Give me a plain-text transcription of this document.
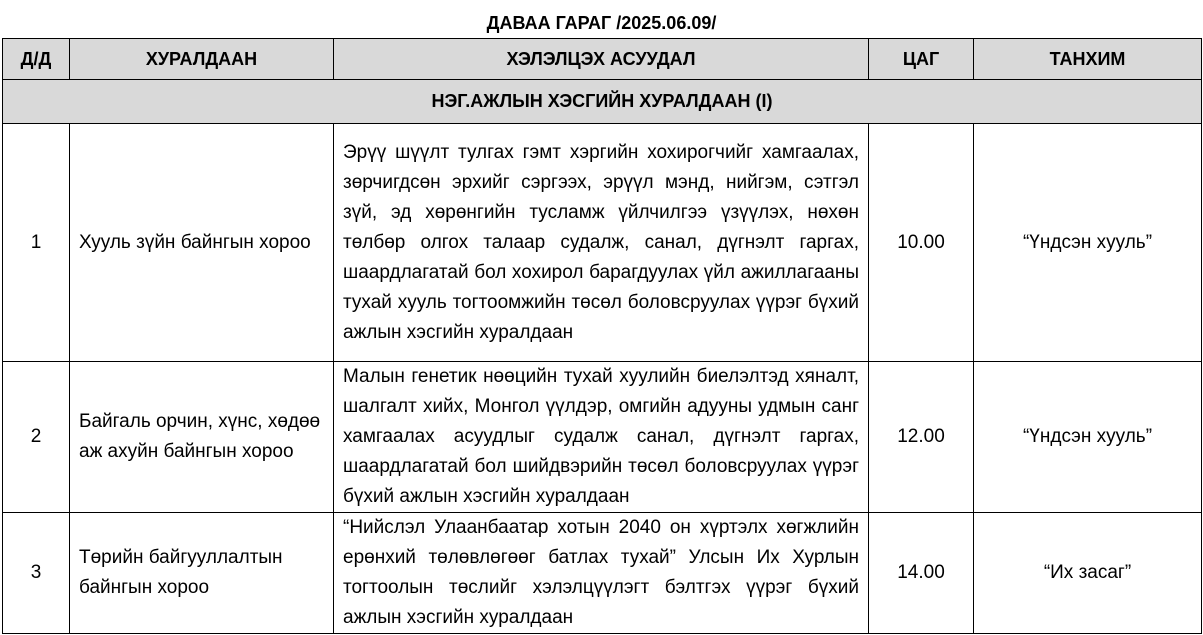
ДАВАА ГАРАГ /2025.06.09/
Д/Д	ХУРАЛДААН	ХЭЛЭЛЦЭХ АСУУДАЛ	ЦАГ	ТАНХИМ
НЭГ.АЖЛЫН ХЭСГИЙН ХУРАЛДААН (I)				
1	Хууль зүйн байнгын хороо	Эрүү шүүлт тулгах гэмт хэргийн хохирогчийг хамгаалах, зөрчигдсөн эрхийг сэргээх, эрүүл мэнд, нийгэм, сэтгэл зүй, эд хөрөнгийн тусламж үйлчилгээ үзүүлэх, нөхөн төлбөр олгох талаар судалж, санал, дүгнэлт гаргах, шаардлагатай бол хохирол барагдуулах үйл ажиллагааны тухай хууль тогтоомжийн төсөл боловсруулах үүрэг бүхий ажлын хэсгийн хуралдаан	10.00	“Үндсэн хууль”
2	Байгаль орчин, хүнс, хөдөө аж ахуйн байнгын хороо	Малын генетик нөөцийн тухай хуулийн биелэлтэд хяналт, шалгалт хийх, Монгол үүлдэр, омгийн адууны удмын санг хамгаалах асуудлыг судалж санал, дүгнэлт гаргах, шаардлагатай бол шийдвэрийн төсөл боловсруулах үүрэг бүхий ажлын хэсгийн хуралдаан	12.00	“Үндсэн хууль”
3	Төрийн байгууллалтын байнгын хороо	“Нийслэл Улаанбаатар хотын 2040 он хүртэлх хөгжлийн ерөнхий төлөвлөгөөг батлах тухай” Улсын Их Хурлын тогтоолын төслийг хэлэлцүүлэгт бэлтгэх үүрэг бүхий ажлын хэсгийн хуралдаан	14.00	“Их засаг”
